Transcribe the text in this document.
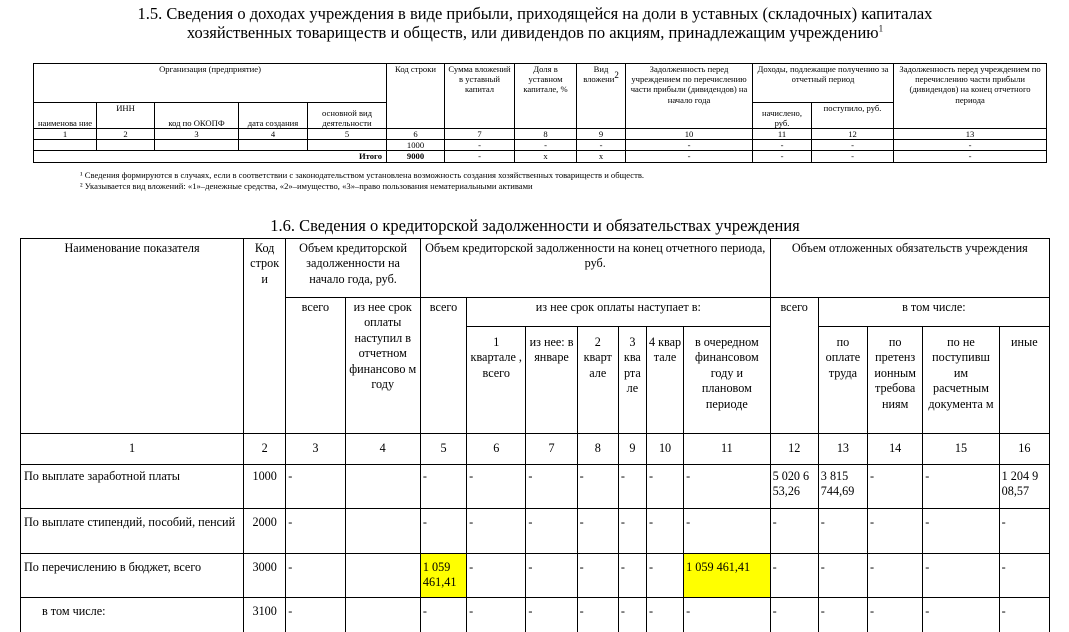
1.5. Сведения о доходах учреждения в виде прибыли, приходящейся на доли в уставных (складочных) капиталах
хозяйственных товариществ и обществ, или дивидендов по акциям, принадлежащим учреждению$^1$
Организация (предприятие)					Код строки	Сумма вложений в уставный капитал	Доля в уставном капитале, %	Вид вложени2	Задолженность перед учреждением по перечислению части прибыли (дивидендов) на начало года	Доходы, подлежащие получению за отчетный период		Задолженность перед учреждением по перечислению части прибыли (дивидендов) на конец отчетного периода
наименова ние	ИНН	код по ОКОПФ	дата создания	основной вид деятельности						начислено, руб.	поступило, руб.	
1	2	3	4	5	6	7	8	9	10	11	12	13
					1000	-	-	-	-	-	-	-
Итого					9000	-	x	x	-	-	-	-
¹ Сведения формируются в случаях, если в соответствии с законодательством установлена возможность создания хозяйственных товариществ и обществ.
² Указывается вид вложений: «1»–денежные средства, «2»–имущество, «3»–право пользования нематериальными активами
1.6. Сведения о кредиторской задолженности и обязательствах учреждения
Наименование показателя	Код строк и	Объем кредиторской задолженности на начало года, руб.		Объем кредиторской задолженности на конец отчетного периода, руб.							Объем отложенных обязательств учреждения				
		всего	из нее срок оплаты наступил в отчетном финансово м году	всего	из нее срок оплаты наступает в:						всего	в том числе:			
					1 квартале , всего	из нее: в январе	2 кварт але	3 ква рта ле	4 квар тале	в очередном финансовом году и плановом периоде		по оплате труда	по претенз ионным требова ниям	по не поступивш им расчетным документа м	иные
1	2	3	4	5	6	7	8	9	10	11	12	13	14	15	16
По выплате заработной платы	1000	-		-	-	-	-	-	-	-	5 020 6 53,26	3 815 744,69	-	-	1 204 9 08,57
По выплате стипендий, пособий, пенсий	2000	-		-	-	-	-	-	-	-	-	-	-	-	-
По перечислению в бюджет, всего	3000	-		1 059 461,41	-	-	-	-	-	1 059 461,41	-	-	-	-	-
в том числе:	3100	-		-	-	-	-	-	-	-	-	-	-	-	-
